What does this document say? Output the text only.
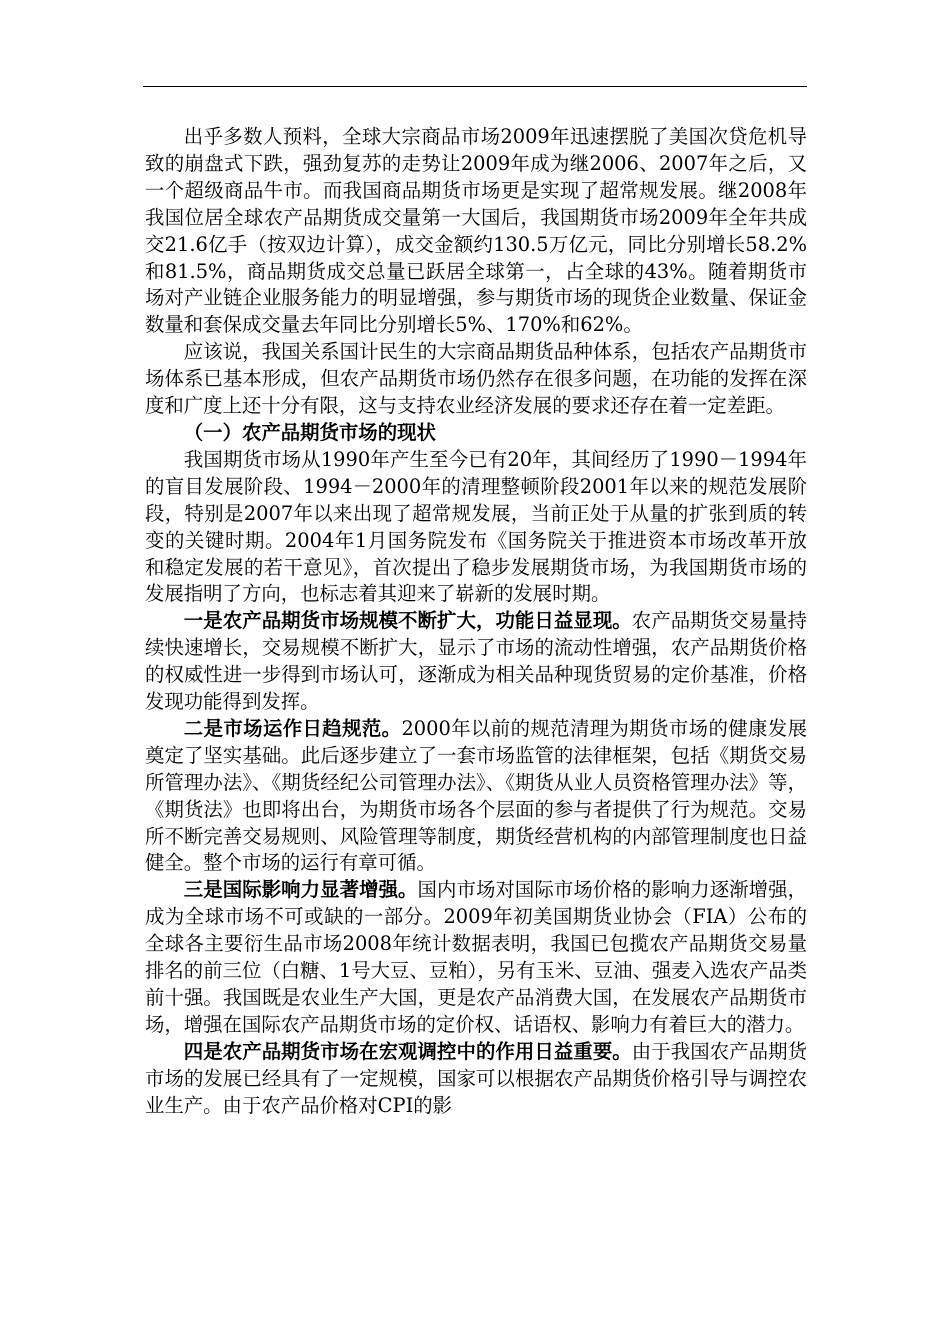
出乎多数人预料，全球大宗商品市场2009年迅速摆脱了美国次贷危机导致的崩盘式下跌，强劲复苏的走势让2009年成为继2006、2007年之后，又一个超级商品牛市。而我国商品期货市场更是实现了超常规发展。继2008年我国位居全球农产品期货成交量第一大国后，我国期货市场2009年全年共成交21.6亿手（按双边计算），成交金额约130.5万亿元，同比分别增长58.2%和81.5%，商品期货成交总量已跃居全球第一，占全球的43%。随着期货市场对产业链企业服务能力的明显增强，参与期货市场的现货企业数量、保证金数量和套保成交量去年同比分别增长5%、170%和62%。

应该说，我国关系国计民生的大宗商品期货品种体系，包括农产品期货市场体系已基本形成，但农产品期货市场仍然存在很多问题，在功能的发挥在深度和广度上还十分有限，这与支持农业经济发展的要求还存在着一定差距。

（一）农产品期货市场的现状

我国期货市场从1990年产生至今已有20年，其间经历了1990－1994年的盲目发展阶段、1994－2000年的清理整顿阶段2001年以来的规范发展阶段，特别是2007年以来出现了超常规发展，当前正处于从量的扩张到质的转变的关键时期。2004年1月国务院发布《国务院关于推进资本市场改革开放和稳定发展的若干意见》，首次提出了稳步发展期货市场，为我国期货市场的发展指明了方向，也标志着其迎来了崭新的发展时期。

一是农产品期货市场规模不断扩大，功能日益显现。农产品期货交易量持续快速增长，交易规模不断扩大，显示了市场的流动性增强，农产品期货价格的权威性进一步得到市场认可，逐渐成为相关品种现货贸易的定价基准，价格发现功能得到发挥。

二是市场运作日趋规范。2000年以前的规范清理为期货市场的健康发展奠定了坚实基础。此后逐步建立了一套市场监管的法律框架，包括《期货交易所管理办法》、《期货经纪公司管理办法》、《期货从业人员资格管理办法》等，《期货法》也即将出台，为期货市场各个层面的参与者提供了行为规范。交易所不断完善交易规则、风险管理等制度，期货经营机构的内部管理制度也日益健全。整个市场的运行有章可循。

三是国际影响力显著增强。国内市场对国际市场价格的影响力逐渐增强，成为全球市场不可或缺的一部分。2009年初美国期货业协会（FIA）公布的全球各主要衍生品市场2008年统计数据表明，我国已包揽农产品期货交易量排名的前三位（白糖、1号大豆、豆粕），另有玉米、豆油、强麦入选农产品类前十强。我国既是农业生产大国，更是农产品消费大国，在发展农产品期货市场，增强在国际农产品期货市场的定价权、话语权、影响力有着巨大的潜力。

四是农产品期货市场在宏观调控中的作用日益重要。由于我国农产品期货市场的发展已经具有了一定规模，国家可以根据农产品期货价格引导与调控农业生产。由于农产品价格对CPI的影
